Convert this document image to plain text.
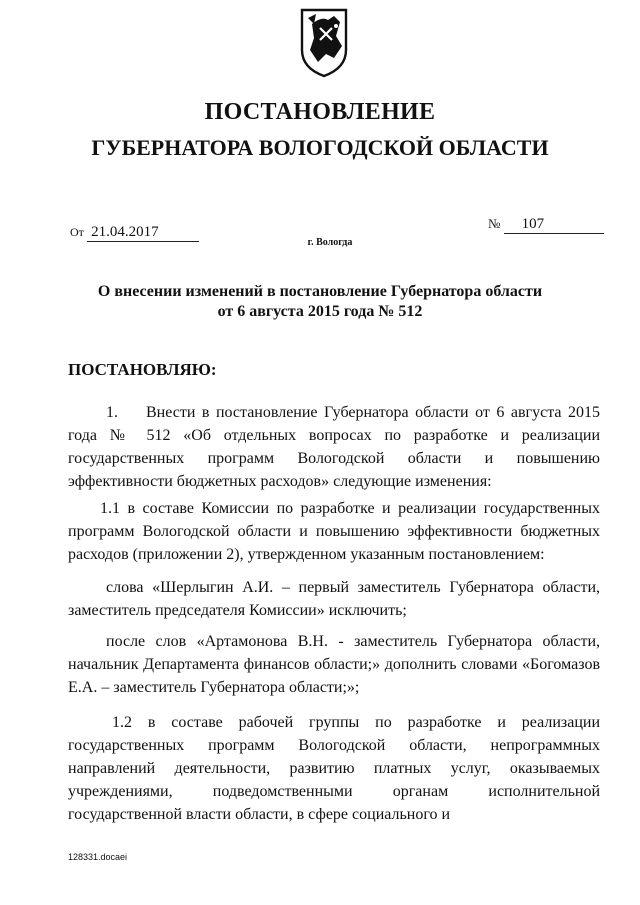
ПОСТАНОВЛЕНИЕ
ГУБЕРНАТОРА ВОЛОГОДСКОЙ ОБЛАСТИ
От 21.04.2017
№ 107
г. Вологда
О внесении изменений в постановление Губернатора области
от 6 августа 2015 года № 512
ПОСТАНОВЛЯЮ:

1. Внести в постановление Губернатора области от 6 августа 2015 года № 512 «Об отдельных вопросах по разработке и реализации государственных программ Вологодской области и повышению эффективности бюджетных расходов» следующие изменения:

1.1 в составе Комиссии по разработке и реализации государственных программ Вологодской области и повышению эффективности бюджетных расходов (приложении 2), утвержденном указанным постановлением:

слова «Шерлыгин А.И. – первый заместитель Губернатора области, заместитель председателя Комиссии» исключить;

после слов «Артамонова В.Н. - заместитель Губернатора области, начальник Департамента финансов области;» дополнить словами «Богомазов Е.А. – заместитель Губернатора области;»;

1.2 в составе рабочей группы по разработке и реализации государственных программ Вологодской области, непрограммных направлений деятельности, развитию платных услуг, оказываемых учреждениями, подведомственными органам исполнительной государственной власти области, в сфере социального и

128331.docaei
